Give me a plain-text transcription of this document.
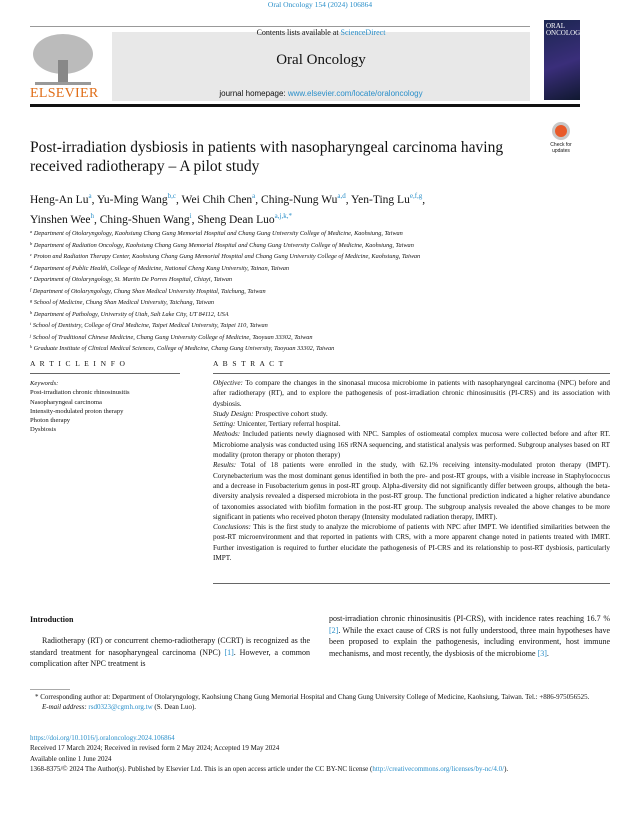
Oral Oncology 154 (2024) 106864
ELSEVIER
Contents lists available at ScienceDirect
Oral Oncology
journal homepage: www.elsevier.com/locate/oraloncology
ORAL ONCOLOGY
Post-irradiation dysbiosis in patients with nasopharyngeal carcinoma having received radiotherapy – A pilot study
Check for updates
Heng-An Lu$^a$, Yu-Ming Wang$^{b,c}$, Wei Chih Chen$^a$, Ching-Nung Wu$^{a,d}$, Yen-Ting Lu$^{e,f,g}$,
Yinshen Wee$^h$, Ching-Shuen Wang$^i$, Sheng Dean Luo$^{a,j,k,*}$
$^a$ Department of Otolaryngology, Kaohsiung Chang Gung Memorial Hospital and Chang Gung University College of Medicine, Kaohsiung, Taiwan
$^b$ Department of Radiation Oncology, Kaohsiung Chang Gung Memorial Hospital and Chang Gung University College of Medicine, Kaohsiung, Taiwan
$^c$ Proton and Radiation Therapy Center, Kaohsiung Chang Gung Memorial Hospital and Chang Gung University College of Medicine, Kaohsiung, Taiwan
$^d$ Department of Public Health, College of Medicine, National Cheng Kung University, Tainan, Taiwan
$^e$ Department of Otolaryngology, St. Martin De Porres Hospital, Chiayi, Taiwan
$^f$ Department of Otolaryngology, Chung Shan Medical University Hospital, Taichung, Taiwan
$^g$ School of Medicine, Chung Shan Medical University, Taichung, Taiwan
$^h$ Department of Pathology, University of Utah, Salt Lake City, UT 84112, USA
$^i$ School of Dentistry, College of Oral Medicine, Taipei Medical University, Taipei 110, Taiwan
$^j$ School of Traditional Chinese Medicine, Chang Gung University College of Medicine, Taoyuan 33302, Taiwan
$^k$ Graduate Institute of Clinical Medical Sciences, College of Medicine, Chang Gung University, Taoyuan 33302, Taiwan
A R T I C L E I N F O	A B S T R A C T
Keywords:
Post-irradiation chronic rhinosinusitis
Nasopharyngeal carcinoma
Intensity-modulated proton therapy
Photon therapy
Dysbiosis
Objective: To compare the changes in the sinonasal mucosa microbiome in patients with nasopharyngeal carcinoma (NPC) before and after radiotherapy (RT), and to explore the pathogenesis of post-irradiation chronic rhinosinusitis (PI-CRS) and its association with dysbiosis.
Study Design: Prospective cohort study.
Setting: Unicenter, Tertiary referral hospital.
Methods: Included patients newly diagnosed with NPC. Samples of ostiomeatal complex mucosa were collected before and after RT. Microbiome analysis was conducted using 16S rRNA sequencing, and statistical analysis was performed. Subgroup analyses based on RT modality (proton therapy or photon therapy)
Results: Total of 18 patients were enrolled in the study, with 62.1% receiving intensity-modulated proton therapy (IMPT). Corynebacterium was the most dominant genus identified in both the pre- and post-RT groups, with a visible increase in Staphylococcus and a decrease in Fusobacterium genus in post-RT group. Alpha-diversity did not significantly differ between groups, although the beta-diversity analysis revealed a dispersed microbiota in the post-RT group. The functional prediction indicated a higher relative abundance of taxonomies associated with biofilm formation in the post-RT group. The subgroup analysis revealed the above changes to be more significant in patients who received photon therapy (Intensity modulated radiation therapy, IMRT).
Conclusions: This is the first study to analyze the microbiome of patients with NPC after IMPT. We identified similarities between the post-RT microenvironment and that reported in patients with CRS, with a more apparent change noted in patients treated with IMRT. Further investigation is required to further elucidate the pathogenesis of PI-CRS and its relationship to post-RT dysbiosis, particularly IMPT.
Introduction
Radiotherapy (RT) or concurrent chemo-radiotherapy (CCRT) is recognized as the standard treatment for nasopharyngeal carcinoma (NPC) [1]. However, a common complication after NPC treatment is
post-irradiation chronic rhinosinusitis (PI-CRS), with incidence rates reaching 16.7 % [2]. While the exact cause of CRS is not fully understood, three main hypotheses have been proposed to explain the pathogenesis, including environment, host immune mechanisms, and most recently, the dysbiosis of the microbiome [3].
* Corresponding author at: Department of Otolaryngology, Kaohsiung Chang Gung Memorial Hospital and Chang Gung University College of Medicine, Kaohsiung, Taiwan. Tel.: +886-975056525.
E-mail address: rsd0323@cgmh.org.tw (S. Dean Luo).
https://doi.org/10.1016/j.oraloncology.2024.106864
Received 17 March 2024; Received in revised form 2 May 2024; Accepted 19 May 2024
Available online 1 June 2024
1368-8375/© 2024 The Author(s). Published by Elsevier Ltd. This is an open access article under the CC BY-NC license (http://creativecommons.org/licenses/by-nc/4.0/).
